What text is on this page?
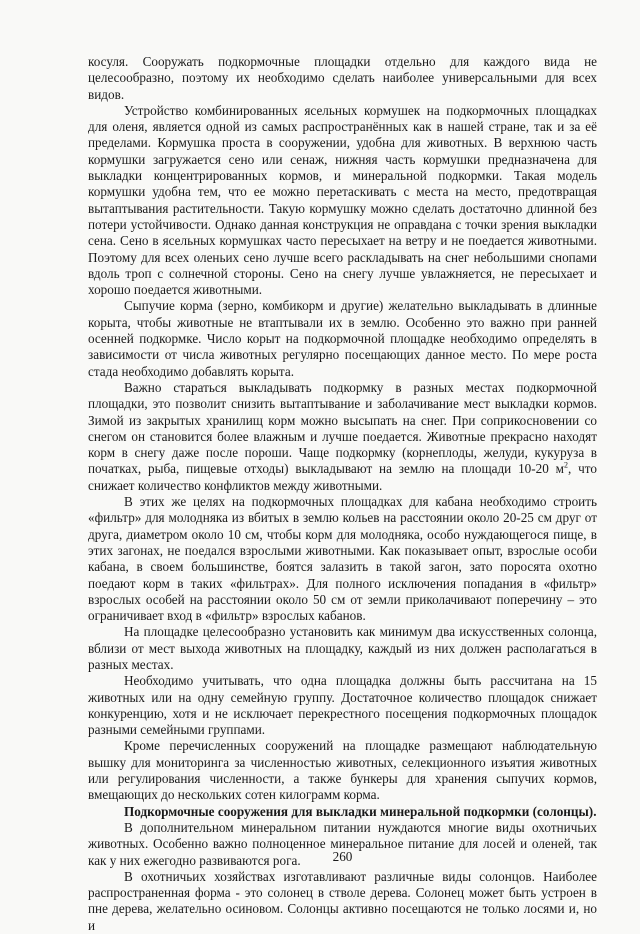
косуля. Сооружать подкормочные площадки отдельно для каждого вида не целесообразно, поэтому их необходимо сделать наиболее универсальными для всех видов.

Устройство комбинированных ясельных кормушек на подкормочных площадках для оленя, является одной из самых распространённых как в нашей стране, так и за её пределами. Кормушка проста в сооружении, удобна для животных. В верхнюю часть кормушки загружается сено или сенаж, нижняя часть кормушки предназначена для выкладки концентрированных кормов, и минеральной подкормки. Такая модель кормушки удобна тем, что ее можно перетаскивать с места на место, предотвращая вытаптывания растительности. Такую кормушку можно сделать достаточно длинной без потери устойчивости. Однако данная конструкция не оправдана с точки зрения выкладки сена. Сено в ясельных кормушках часто пересыхает на ветру и не поедается животными. Поэтому для всех оленьих сено лучше всего раскладывать на снег небольшими снопами вдоль троп с солнечной стороны. Сено на снегу лучше увлажняется, не пересыхает и хорошо поедается животными.

Сыпучие корма (зерно, комбикорм и другие) желательно выкладывать в длинные корыта, чтобы животные не втаптывали их в землю. Особенно это важно при ранней осенней подкормке. Число корыт на подкормочной площадке необходимо определять в зависимости от числа животных регулярно посещающих данное место. По мере роста стада необходимо добавлять корыта.

Важно стараться выкладывать подкормку в разных местах подкормочной площадки, это позволит снизить вытаптывание и заболачивание мест выкладки кормов. Зимой из закрытых хранилищ корм можно высыпать на снег. При соприкосновении со снегом он становится более влажным и лучше поедается. Животные прекрасно находят корм в снегу даже после пороши. Чаще подкормку (корнеплоды, желуди, кукуруза в початках, рыба, пищевые отходы) выкладывают на землю на площади 10-20 $м^2$, что снижает количество конфликтов между животными.

В этих же целях на подкормочных площадках для кабана необходимо строить «фильтр» для молодняка из вбитых в землю кольев на расстоянии около 20-25 см друг от друга, диаметром около 10 см, чтобы корм для молодняка, особо нуждающегося пище, в этих загонах, не поедался взрослыми животными. Как показывает опыт, взрослые особи кабана, в своем большинстве, боятся залазить в такой загон, зато поросята охотно поедают корм в таких «фильтрах». Для полного исключения попадания в «фильтр» взрослых особей на расстоянии около 50 см от земли приколачивают поперечину – это ограничивает вход в «фильтр» взрослых кабанов.

На площадке целесообразно установить как минимум два искусственных солонца, вблизи от мест выхода животных на площадку, каждый из них должен располагаться в разных местах.

Необходимо учитывать, что одна площадка должны быть рассчитана на 15 животных или на одну семейную группу. Достаточное количество площадок снижает конкуренцию, хотя и не исключает перекрестного посещения подкормочных площадок разными семейными группами.

Кроме перечисленных сооружений на площадке размещают наблюдательную вышку для мониторинга за численностью животных, селекционного изъятия животных или регулирования численности, а также бункеры для хранения сыпучих кормов, вмещающих до нескольких сотен килограмм корма.

Подкормочные сооружения для выкладки минеральной подкормки (солонцы).

В дополнительном минеральном питании нуждаются многие виды охотничьих животных. Особенно важно полноценное минеральное питание для лосей и оленей, так как у них ежегодно развиваются рога.

В охотничьих хозяйствах изготавливают различные виды солонцов. Наиболее распространенная форма - это солонец в стволе дерева. Солонец может быть устроен в пне дерева, желательно осиновом. Солонцы активно посещаются не только лосями и, но и

260
